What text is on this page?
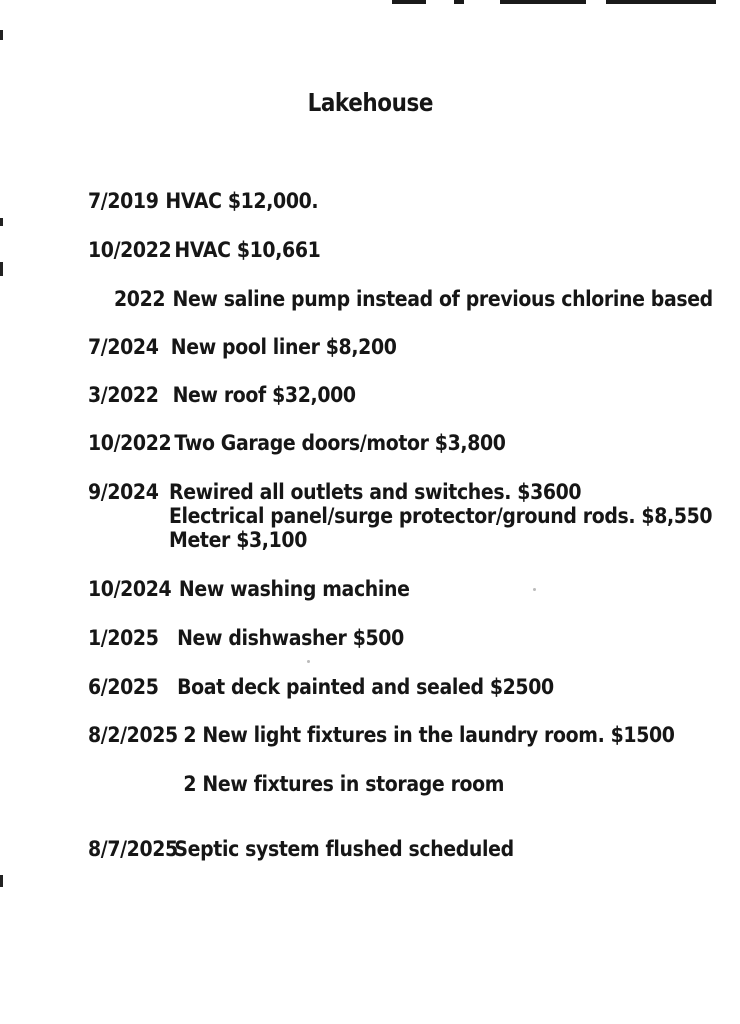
Lakehouse
7/2019 HVAC $12,000.
10/2022 HVAC $10,661
2022 New saline pump instead of previous chlorine based
7/2024 New pool liner $8,200
3/2022 New roof $32,000
10/2022 Two Garage doors/motor $3,800
9/2024 Rewired all outlets and switches. $3600
Electrical panel/surge protector/ground rods. $8,550
Meter $3,100
10/2024 New washing machine
1/2025 New dishwasher $500
6/2025 Boat deck painted and sealed $2500
8/2/2025 2 New light fixtures in the laundry room. $1500
2 New fixtures in storage room
8/7/2025
Septic system flushed scheduled
